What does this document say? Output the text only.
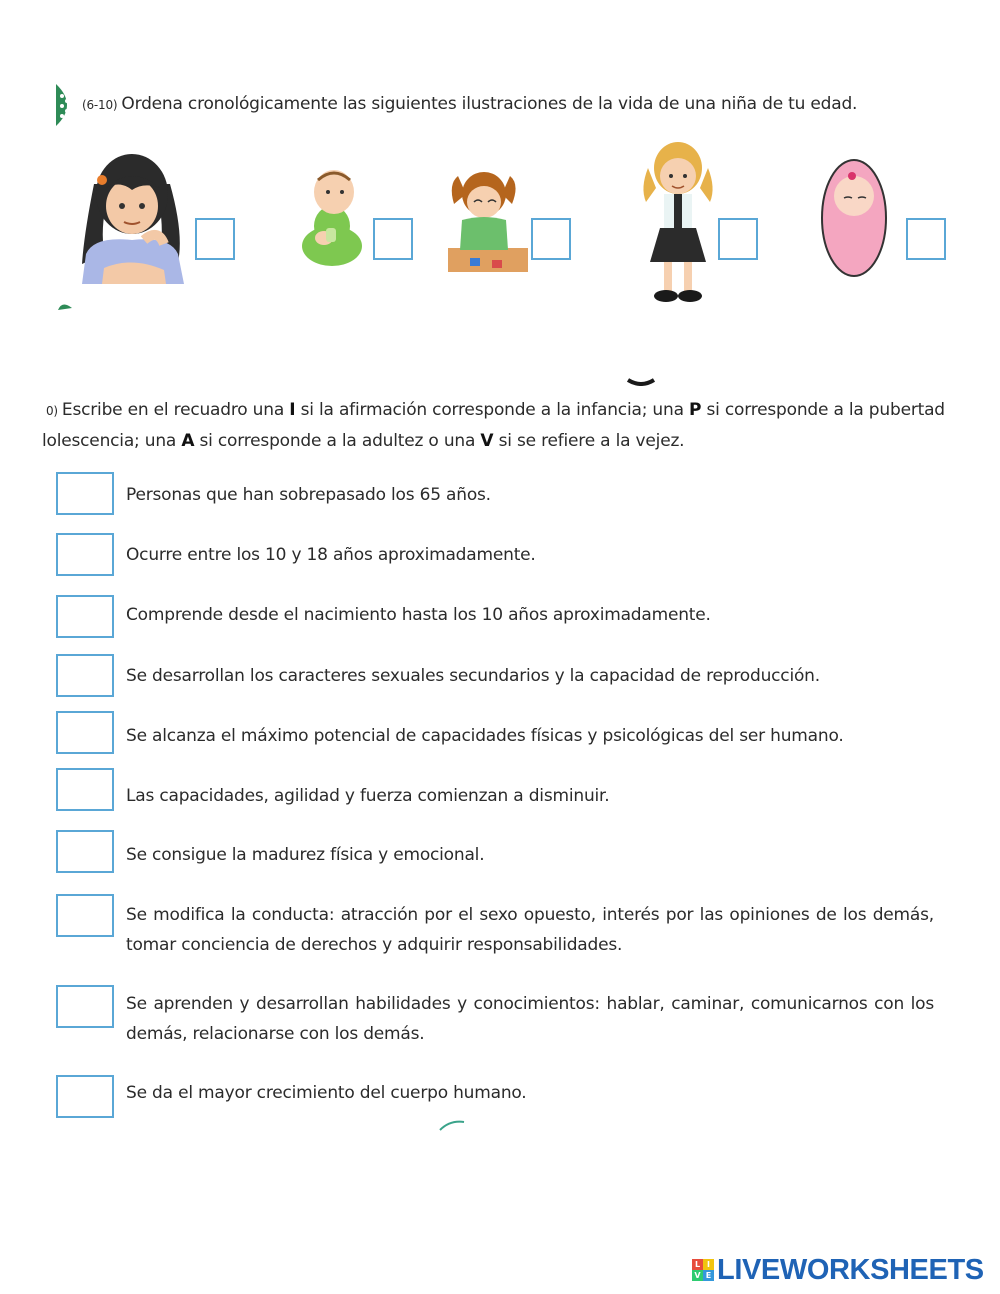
(6-10) Ordena cronológicamente las siguientes ilustraciones de la vida de una niña de tu edad.
0) Escribe en el recuadro una I si la afirmación corresponde a la infancia; una P si corresponde a la pubertad
lolescencia; una A si corresponde a la adultez o una V si se refiere a la vejez.
Personas que han sobrepasado los 65 años.
Ocurre entre los 10 y 18 años aproximadamente.
Comprende desde el nacimiento hasta los 10 años aproximadamente.
Se desarrollan los caracteres sexuales secundarios y la capacidad de reproducción.
Se alcanza el máximo potencial de capacidades físicas y psicológicas del ser humano.
Las capacidades, agilidad y fuerza comienzan a disminuir.
Se consigue la madurez física y emocional.
Se modifica la conducta: atracción por el sexo opuesto, interés por las opiniones de los demás, tomar conciencia de derechos y adquirir responsabilidades.
Se aprenden y desarrollan habilidades y conocimientos: hablar, caminar, comunicarnos con los demás, relacionarse con los demás.
Se da el mayor crecimiento del cuerpo humano.
L I
V E LIVEWORKSHEETS
